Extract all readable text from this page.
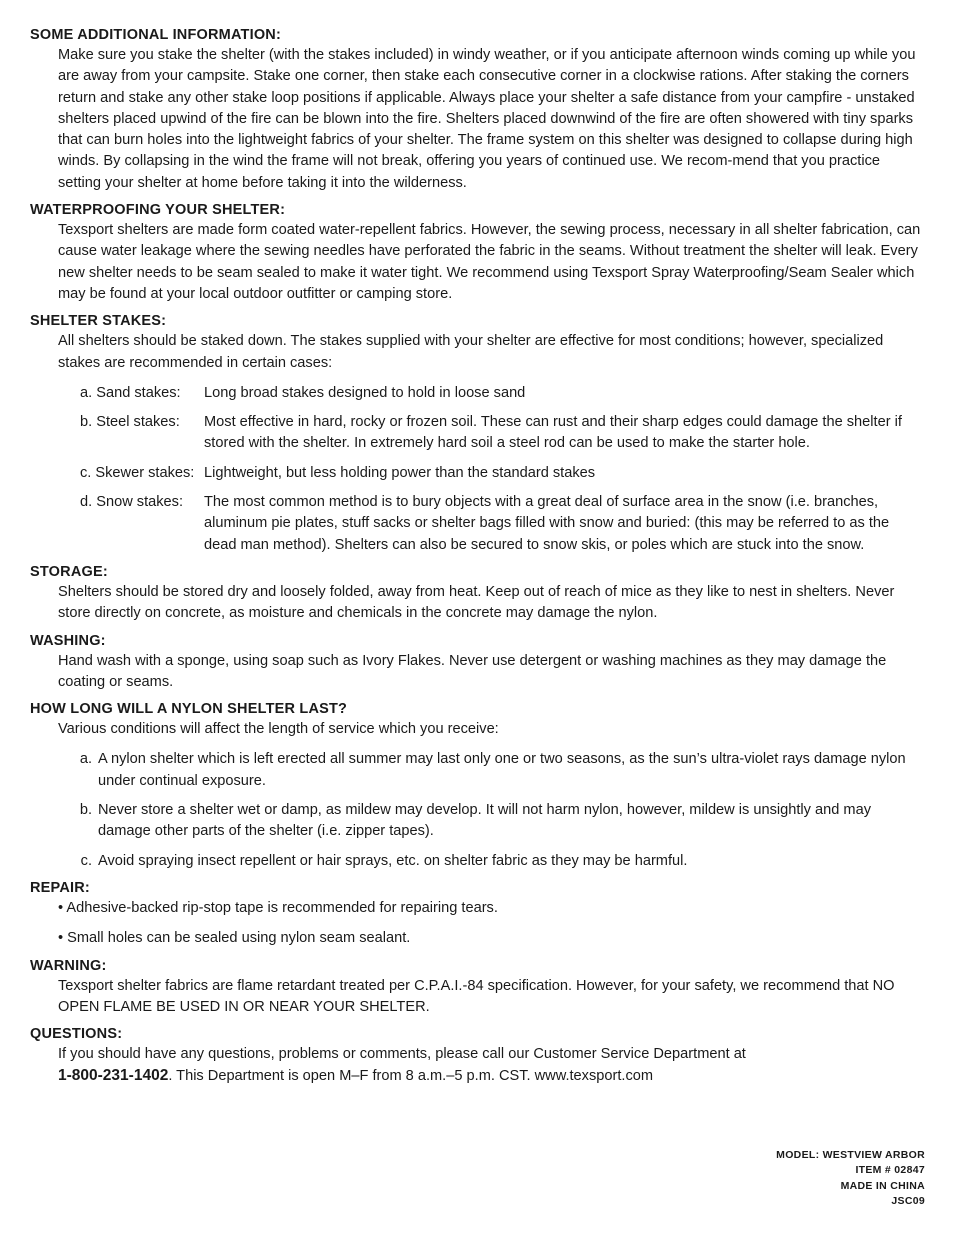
SOME ADDITIONAL INFORMATION:

Make sure you stake the shelter (with the stakes included) in windy weather, or if you anticipate afternoon winds coming up while you are away from your campsite. Stake one corner, then stake each consecutive corner in a clockwise rations. After staking the corners return and stake any other stake loop positions if applicable. Always place your shelter a safe distance from your campfire - unstaked shelters placed upwind of the fire can be blown into the fire. Shelters placed downwind of the fire are often showered with tiny sparks that can burn holes into the lightweight fabrics of your shelter. The frame system on this shelter was designed to collapse during high winds. By collapsing in the wind the frame will not break, offering you years of continued use. We recom-mend that you practice setting your shelter at home before taking it into the wilderness.

WATERPROOFING YOUR SHELTER:

Texsport shelters are made form coated water-repellent fabrics. However, the sewing process, necessary in all shelter fabrication, can cause water leakage where the sewing needles have perforated the fabric in the seams. Without treatment the shelter will leak. Every new shelter needs to be seam sealed to make it water tight. We recommend using Texsport Spray Waterproofing/Seam Sealer which may be found at your local outdoor outfitter or camping store.

SHELTER STAKES:

All shelters should be staked down. The stakes supplied with your shelter are effective for most conditions; however, specialized stakes are recommended in certain cases:

a. Sand stakes:	Long broad stakes designed to hold in loose sand
b. Steel stakes:	Most effective in hard, rocky or frozen soil. These can rust and their sharp edges could damage the shelter if stored with the shelter. In extremely hard soil a steel rod can be used to make the starter hole.
c. Skewer stakes: Lightweight, but less holding power than the standard stakes
d. Snow stakes:	The most common method is to bury objects with a great deal of surface area in the snow (i.e. branches, aluminum pie plates, stuff sacks or shelter bags filled with snow and buried: (this may be referred to as the dead man method). Shelters can also be secured to snow skis, or poles which are stuck into the snow.

STORAGE:

Shelters should be stored dry and loosely folded, away from heat. Keep out of reach of mice as they like to nest in shelters. Never store directly on concrete, as moisture and chemicals in the concrete may damage the nylon.

WASHING:

Hand wash with a sponge, using soap such as Ivory Flakes. Never use detergent or washing machines as they may damage the coating or seams.

HOW LONG WILL A NYLON SHELTER LAST?

Various conditions will affect the length of service which you receive:

a. A nylon shelter which is left erected all summer may last only one or two seasons, as the sun’s ultra-violet rays damage nylon under continual exposure.
b. Never store a shelter wet or damp, as mildew may develop. It will not harm nylon, however, mildew is unsightly and may damage other parts of the shelter (i.e. zipper tapes).
c. Avoid spraying insect repellent or hair sprays, etc. on shelter fabric as they may be harmful.

REPAIR:

• Adhesive-backed rip-stop tape is recommended for repairing tears.
• Small holes can be sealed using nylon seam sealant.

WARNING:

Texsport shelter fabrics are flame retardant treated per C.P.A.I.-84 specification. However, for your safety, we recommend that NO OPEN FLAME BE USED IN OR NEAR YOUR SHELTER.

QUESTIONS:

If you should have any questions, problems or comments, please call our Customer Service Department at
1-800-231-1402. This Department is open M–F from 8 a.m.–5 p.m. CST. www.texsport.com

MODEL: WESTVIEW ARBOR
ITEM # 02847
MADE IN CHINA
JSC09
